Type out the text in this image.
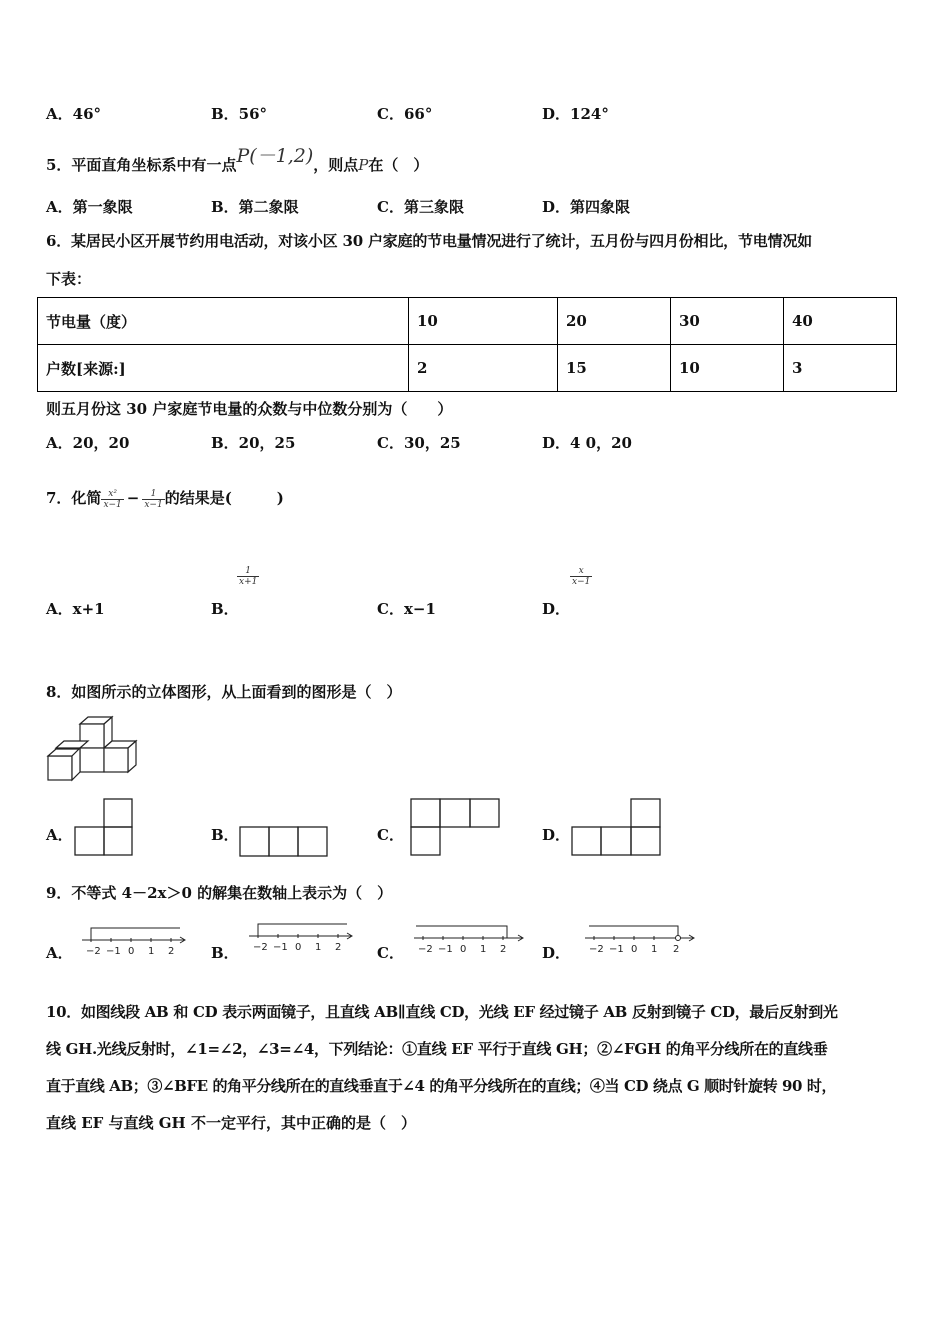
A．46°	B．56°	C．66°	D．124°
5．平面直角坐标系中有一点P(－1,2)，则点P在（　）
A．第一象限	B．第二象限	C．第三象限	D．第四象限
6．某居民小区开展节约用电活动，对该小区 30 户家庭的节电量情况进行了统计，五月份与四月份相比，节电情况如
下表：
节电量（度）	10	20	30	40
户数[来源:]	2	15	10	3
则五月份这 30 户家庭节电量的众数与中位数分别为（　　）
A．20，20	B．20，25	C．30，25	D．4 0，20
7．化简 $\frac{\text{x²}}{x-1} - \frac{1}{x-1}$ 的结果是(　　　)
A．x+1	B．
$\frac{1}{x+1}$
C．x−1	D．
$\frac{x}{x-1}$
8．如图所示的立体图形，从上面看到的图形是（　）
A．	B．	C．	D．
9．不等式 4－2x＞0 的解集在数轴上表示为（　）
A． −2 −1 0 1 2 B． −2 −1 0 1 2 C． −2 −1 0 1 2 D． −2 −1 0 1 2
10．如图线段 AB 和 CD 表示两面镜子，且直线 AB∥直线 CD，光线 EF 经过镜子 AB 反射到镜子 CD，最后反射到光
线 GH.光线反射时，∠1=∠2，∠3=∠4，下列结论：①直线 EF 平行于直线 GH；②∠FGH 的角平分线所在的直线垂
直于直线 AB；③∠BFE 的角平分线所在的直线垂直于∠4 的角平分线所在的直线；④当 CD 绕点 G 顺时针旋转 90 时，
直线 EF 与直线 GH 不一定平行，其中正确的是（　）
